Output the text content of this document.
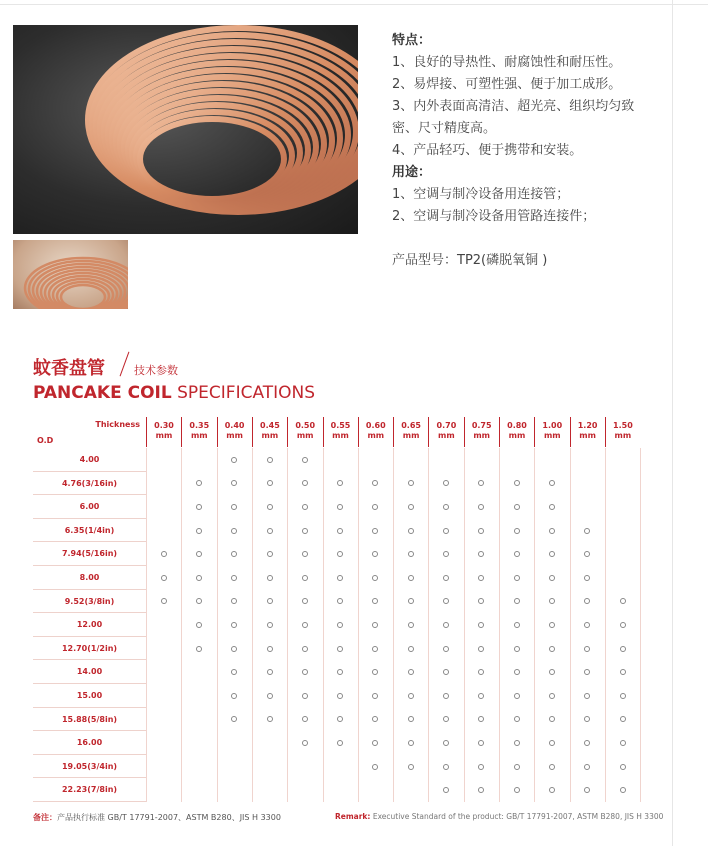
特点：
1、良好的导热性、耐腐蚀性和耐压性。
2、易焊接、可塑性强、便于加工成形。
3、内外表面高清洁、超光亮、组织均匀致
密、尺寸精度高。
4、产品轻巧、便于携带和安装。
用途：
1、空调与制冷设备用连接管；
2、空调与制冷设备用管路连接件；
产品型号：TP2(磷脱氧铜 )
蚊香盘管	技术参数
PANCAKE COIL SPECIFICATIONS
Thickness
O.D
0.30
mm
0.35
mm
0.40
mm
0.45
mm
0.50
mm
0.55
mm
0.60
mm
0.65
mm
0.70
mm
0.75
mm
0.80
mm
1.00
mm
1.20
mm
1.50
mm
4.00
4.76(3/16in)
6.00
6.35(1/4in)
7.94(5/16in)
8.00
9.52(3/8in)
12.00
12.70(1/2in)
14.00
15.00
15.88(5/8in)
16.00
19.05(3/4in)
22.23(7/8in)
备注：产品执行标准 GB/T 17791-2007、ASTM B280、JIS H 3300	Remark: Executive Standard of the product: GB/T 17791-2007, ASTM B280, JIS H 3300
